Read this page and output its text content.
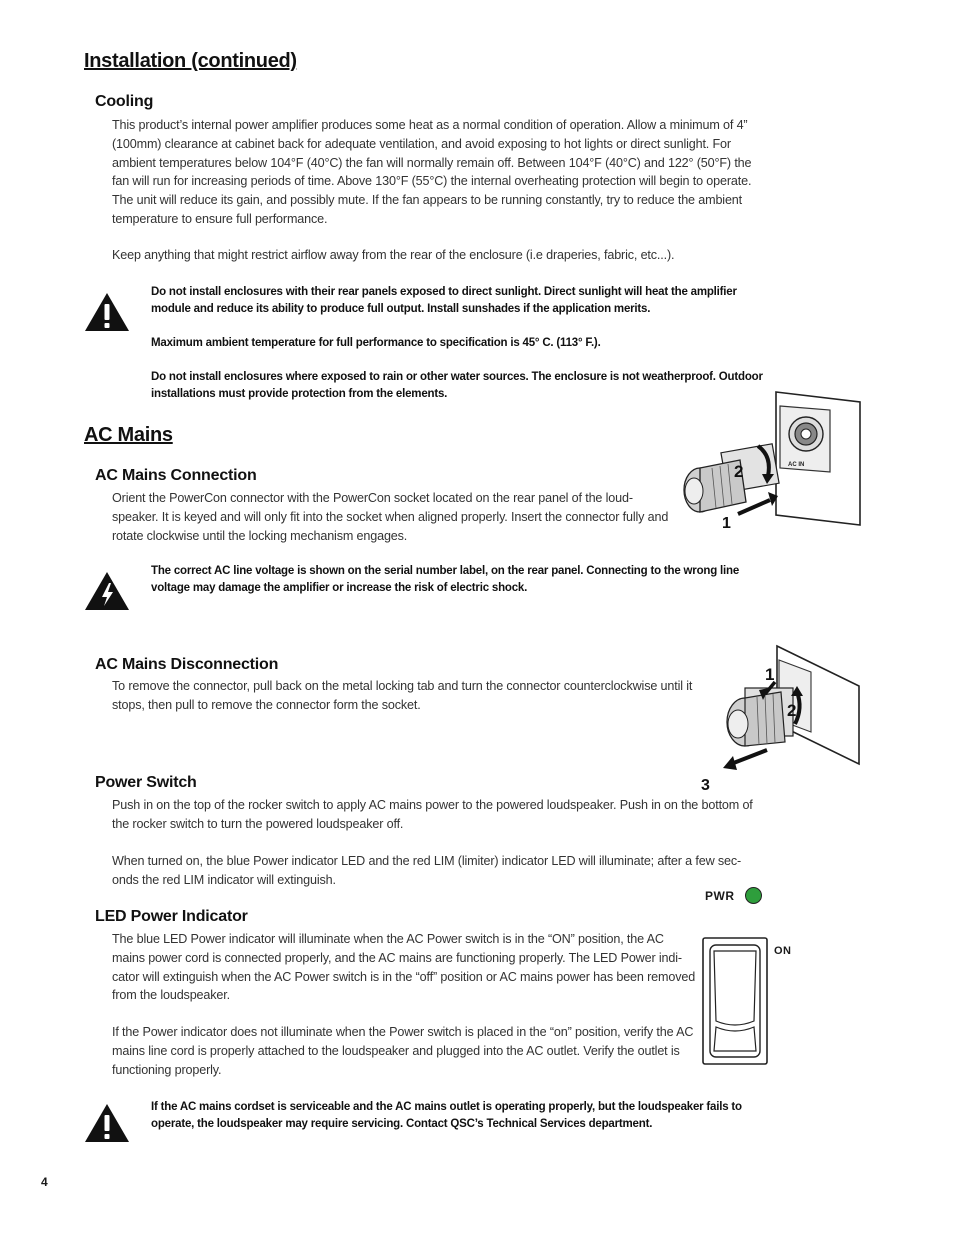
Installation (continued)
Cooling
This product’s internal power amplifier produces some heat as a normal condition of operation. Allow a minimum of 4” (100mm) clearance at cabinet back for adequate ventilation, and avoid exposing to hot lights or direct sunlight. For ambient temperatures below 104°F (40°C) the fan will normally remain off. Between 104°F (40°C) and 122° (50°F) the fan will run for increasing periods of time. Above 130°F (55°C) the internal overheating protection will begin to operate. The unit will reduce its gain, and possibly mute. If the fan appears to be running constantly, try to reduce the ambient temperature to ensure full performance.
Keep anything that might restrict airflow away from the rear of the enclosure (i.e draperies, fabric, etc...).
Do not install enclosures with their rear panels exposed to direct sunlight. Direct sunlight will heat the amplifier module and reduce its ability to produce full output. Install sunshades if the application merits.
Maximum ambient temperature for full performance to specification is 45° C. (113° F.).
Do not install enclosures where exposed to rain or other water sources. The enclosure is not weatherproof. Outdoor installations must provide protection from the elements.
AC Mains
AC Mains Connection
Orient the PowerCon connector with the PowerCon socket located on the rear panel of the loud-speaker. It is keyed and will only fit into the socket when aligned properly. Insert the connector fully and rotate clockwise until the locking mechanism engages.
AC IN
2
1
The correct AC line voltage is shown on the serial number label, on the rear panel. Connecting to the wrong line voltage may damage the amplifier or increase the risk of electric shock.
AC Mains Disconnection
To remove the connector, pull back on the metal locking tab and turn the connector counterclockwise until it stops, then pull to remove the connector form the socket.
1
2
3
Power Switch
Push in on the top of the rocker switch to apply AC mains power to the powered loudspeaker. Push in on the bottom of the rocker switch to turn the powered loudspeaker off.
When turned on, the blue Power indicator LED and the red LIM (limiter) indicator LED will illuminate; after a few sec-onds the red LIM indicator will extinguish.
PWR
LED Power Indicator
The blue LED Power indicator will illuminate when the AC Power switch is in the “ON” position, the AC mains power cord is connected properly, and the AC mains are functioning properly. The LED Power indi-cator will extinguish when the AC Power switch is in the “off” position or AC mains power has been removed from the loudspeaker.
If the Power indicator does not illuminate when the Power switch is placed in the “on” position, verify the AC mains line cord is properly attached to the loudspeaker and plugged into the AC outlet. Verify the outlet is functioning properly.
ON
If the AC mains cordset is serviceable and the AC mains outlet is operating properly, but the loudspeaker fails to operate, the loudspeaker may require servicing. Contact QSC’s Technical Services department.
4
